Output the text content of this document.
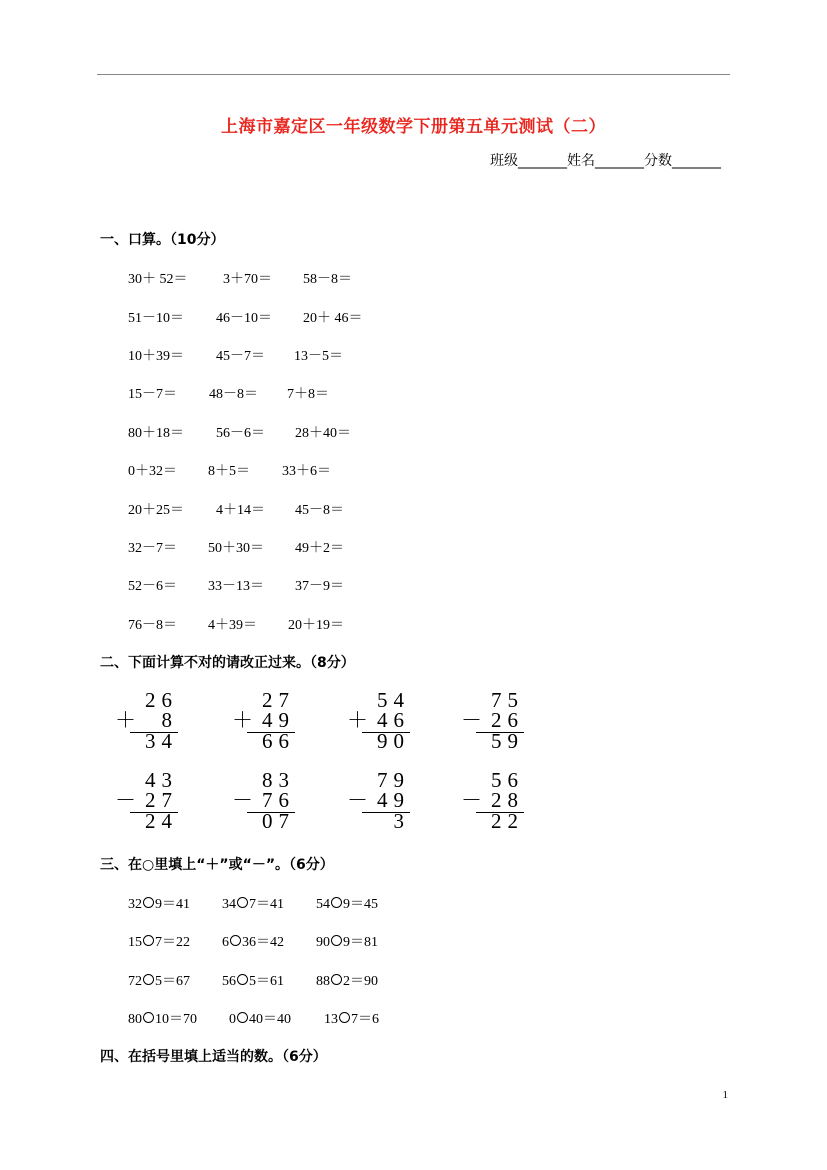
上海市嘉定区一年级数学下册第五单元测试（二）
班级_______姓名_______分数_______
一、口算。（10分）
30＋ 52＝	3＋70＝ 58－8＝
51－10＝ 46－10＝ 20＋ 46＝
10＋39＝ 45－7＝ 13－5＝
15－7＝ 48－8＝ 7＋8＝
80＋18＝ 56－6＝ 28＋40＝
0＋32＝ 8＋5＝ 33＋6＝
20＋25＝ 4＋14＝ 45－8＝
32－7＝ 50＋30＝ 49＋2＝
52－6＝ 33－13＝ 37－9＝
76－8＝ 4＋39＝ 20＋19＝
二、下面计算不对的请改正过来。（8分）
26
8
＋
34
27
49
＋
66
54
46
＋
90
75
26
－
59
43
27
－
24
83
76
－
07
79
49
－
3
56
28
－
22
三、在○里填上“＋”或“－”。（6分）
32 9＝41 34 7＝41 54 9＝45
15 7＝22 6 36＝42 90 9＝81
72 5＝67 56 5＝61 88 2＝90
80 10＝70 0 40＝40 13 7＝6
四、在括号里填上适当的数。（6分）
1
